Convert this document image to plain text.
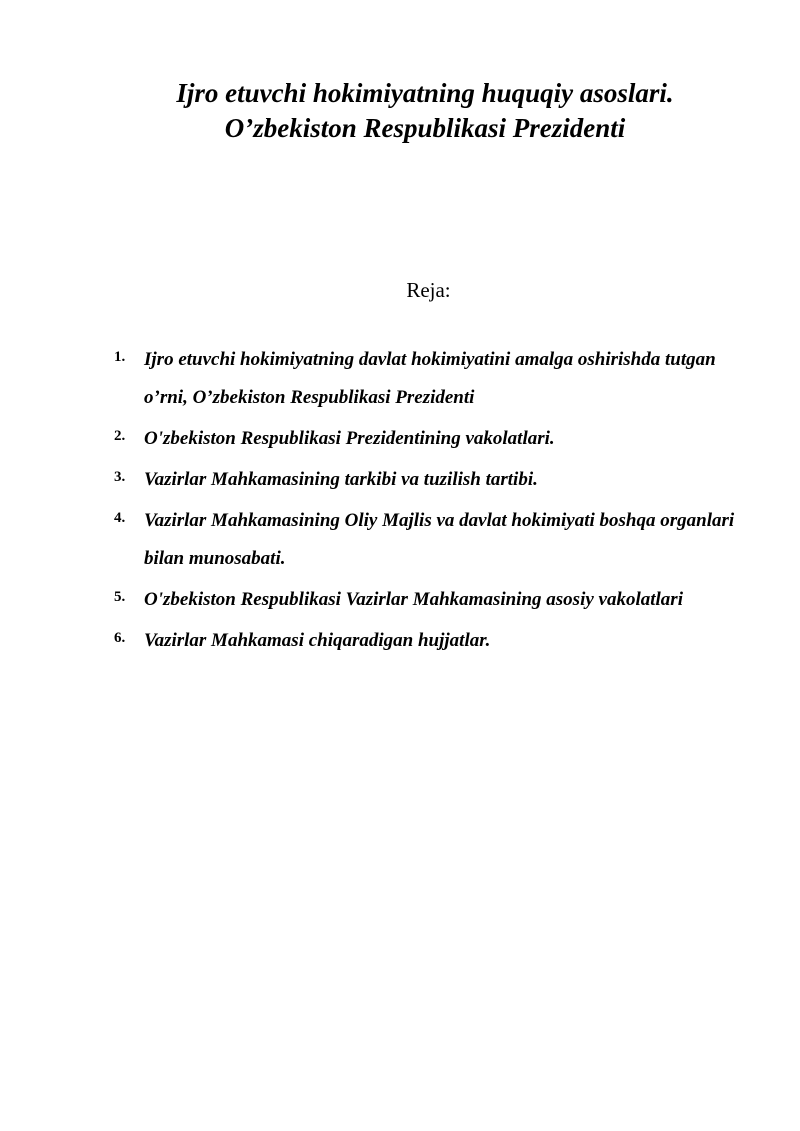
Ijro etuvchi hokimiyatning huquqiy asoslari.
O’zbekiston Respublikasi Prezidenti
Reja:
1. Ijro etuvchi hokimiyatning davlat hokimiyatini amalga oshirishda tutgan o’rni, O’zbekiston Respublikasi Prezidenti
2. O'zbekiston Respublikasi Prezidentining vakolatlari.
3. Vazirlar Mahkamasining tarkibi va tuzilish tartibi.
4. Vazirlar Mahkamasining Oliy Majlis va davlat hokimiyati boshqa organlari bilan munosabati.
5. O'zbekiston Respublikasi Vazirlar Mahkamasining asosiy vakolatlari
6. Vazirlar Mahkamasi chiqaradigan hujjatlar.
